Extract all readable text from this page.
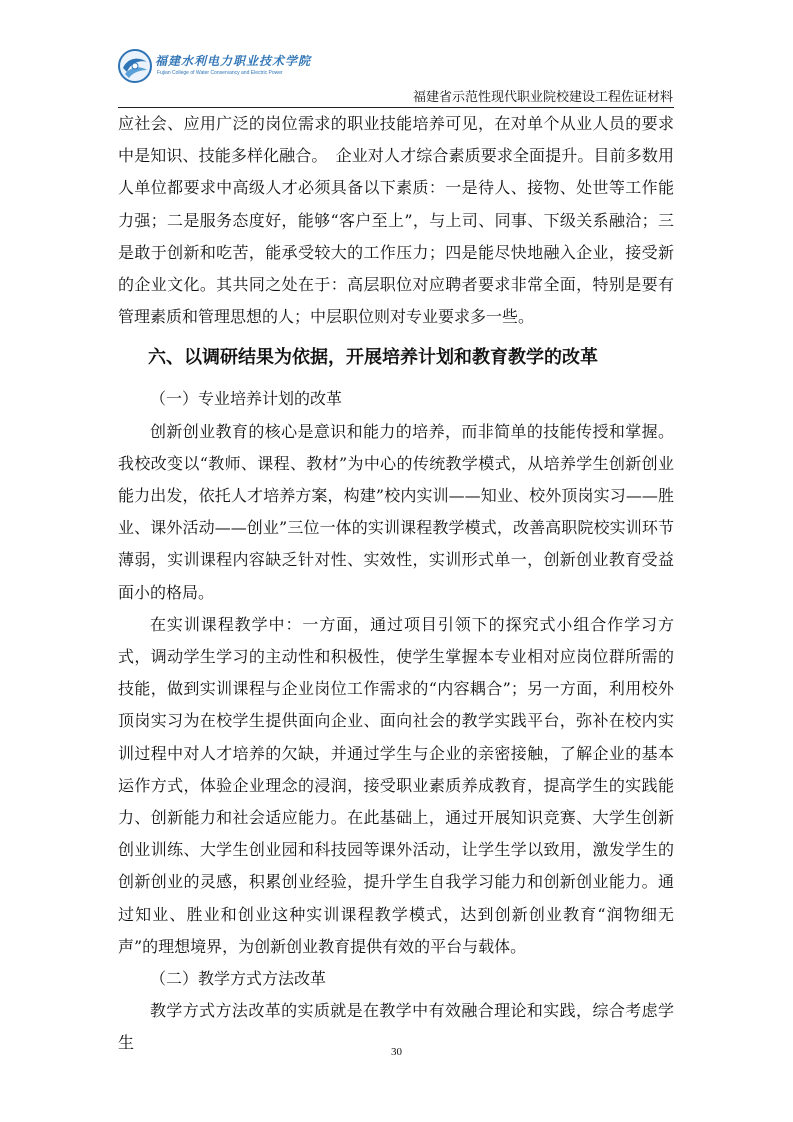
福建水利电力职业技术学院
Fujian College of Water Conservancy and Electric Power
福建省示范性现代职业院校建设工程佐证材料

应社会、应用广泛的岗位需求的职业技能培养可见，在对单个从业人员的要求中是知识、技能多样化融合。　企业对人才综合素质要求全面提升。目前多数用人单位都要求中高级人才必须具备以下素质：一是待人、接物、处世等工作能力强；二是服务态度好，能够“客户至上”，与上司、同事、下级关系融洽；三是敢于创新和吃苦，能承受较大的工作压力；四是能尽快地融入企业，接受新的企业文化。其共同之处在于：高层职位对应聘者要求非常全面，特别是要有管理素质和管理思想的人；中层职位则对专业要求多一些。

六、以调研结果为依据，开展培养计划和教育教学的改革

（一）专业培养计划的改革

创新创业教育的核心是意识和能力的培养，而非简单的技能传授和掌握。我校改变以“教师、课程、教材”为中心的传统教学模式，从培养学生创新创业能力出发，依托人才培养方案，构建”校内实训——知业、校外顶岗实习——胜业、课外活动——创业”三位一体的实训课程教学模式，改善高职院校实训环节薄弱，实训课程内容缺乏针对性、实效性，实训形式单一，创新创业教育受益面小的格局。

在实训课程教学中：一方面，通过项目引领下的探究式小组合作学习方式，调动学生学习的主动性和积极性，使学生掌握本专业相对应岗位群所需的技能，做到实训课程与企业岗位工作需求的“内容耦合”；另一方面，利用校外顶岗实习为在校学生提供面向企业、面向社会的教学实践平台，弥补在校内实训过程中对人才培养的欠缺，并通过学生与企业的亲密接触，了解企业的基本运作方式，体验企业理念的浸润，接受职业素质养成教育，提高学生的实践能力、创新能力和社会适应能力。在此基础上，通过开展知识竞赛、大学生创新创业训练、大学生创业园和科技园等课外活动，让学生学以致用，激发学生的创新创业的灵感，积累创业经验，提升学生自我学习能力和创新创业能力。通过知业、胜业和创业这种实训课程教学模式，达到创新创业教育“润物细无声”的理想境界，为创新创业教育提供有效的平台与载体。

（二）教学方式方法改革

教学方式方法改革的实质就是在教学中有效融合理论和实践，综合考虑学生	30
